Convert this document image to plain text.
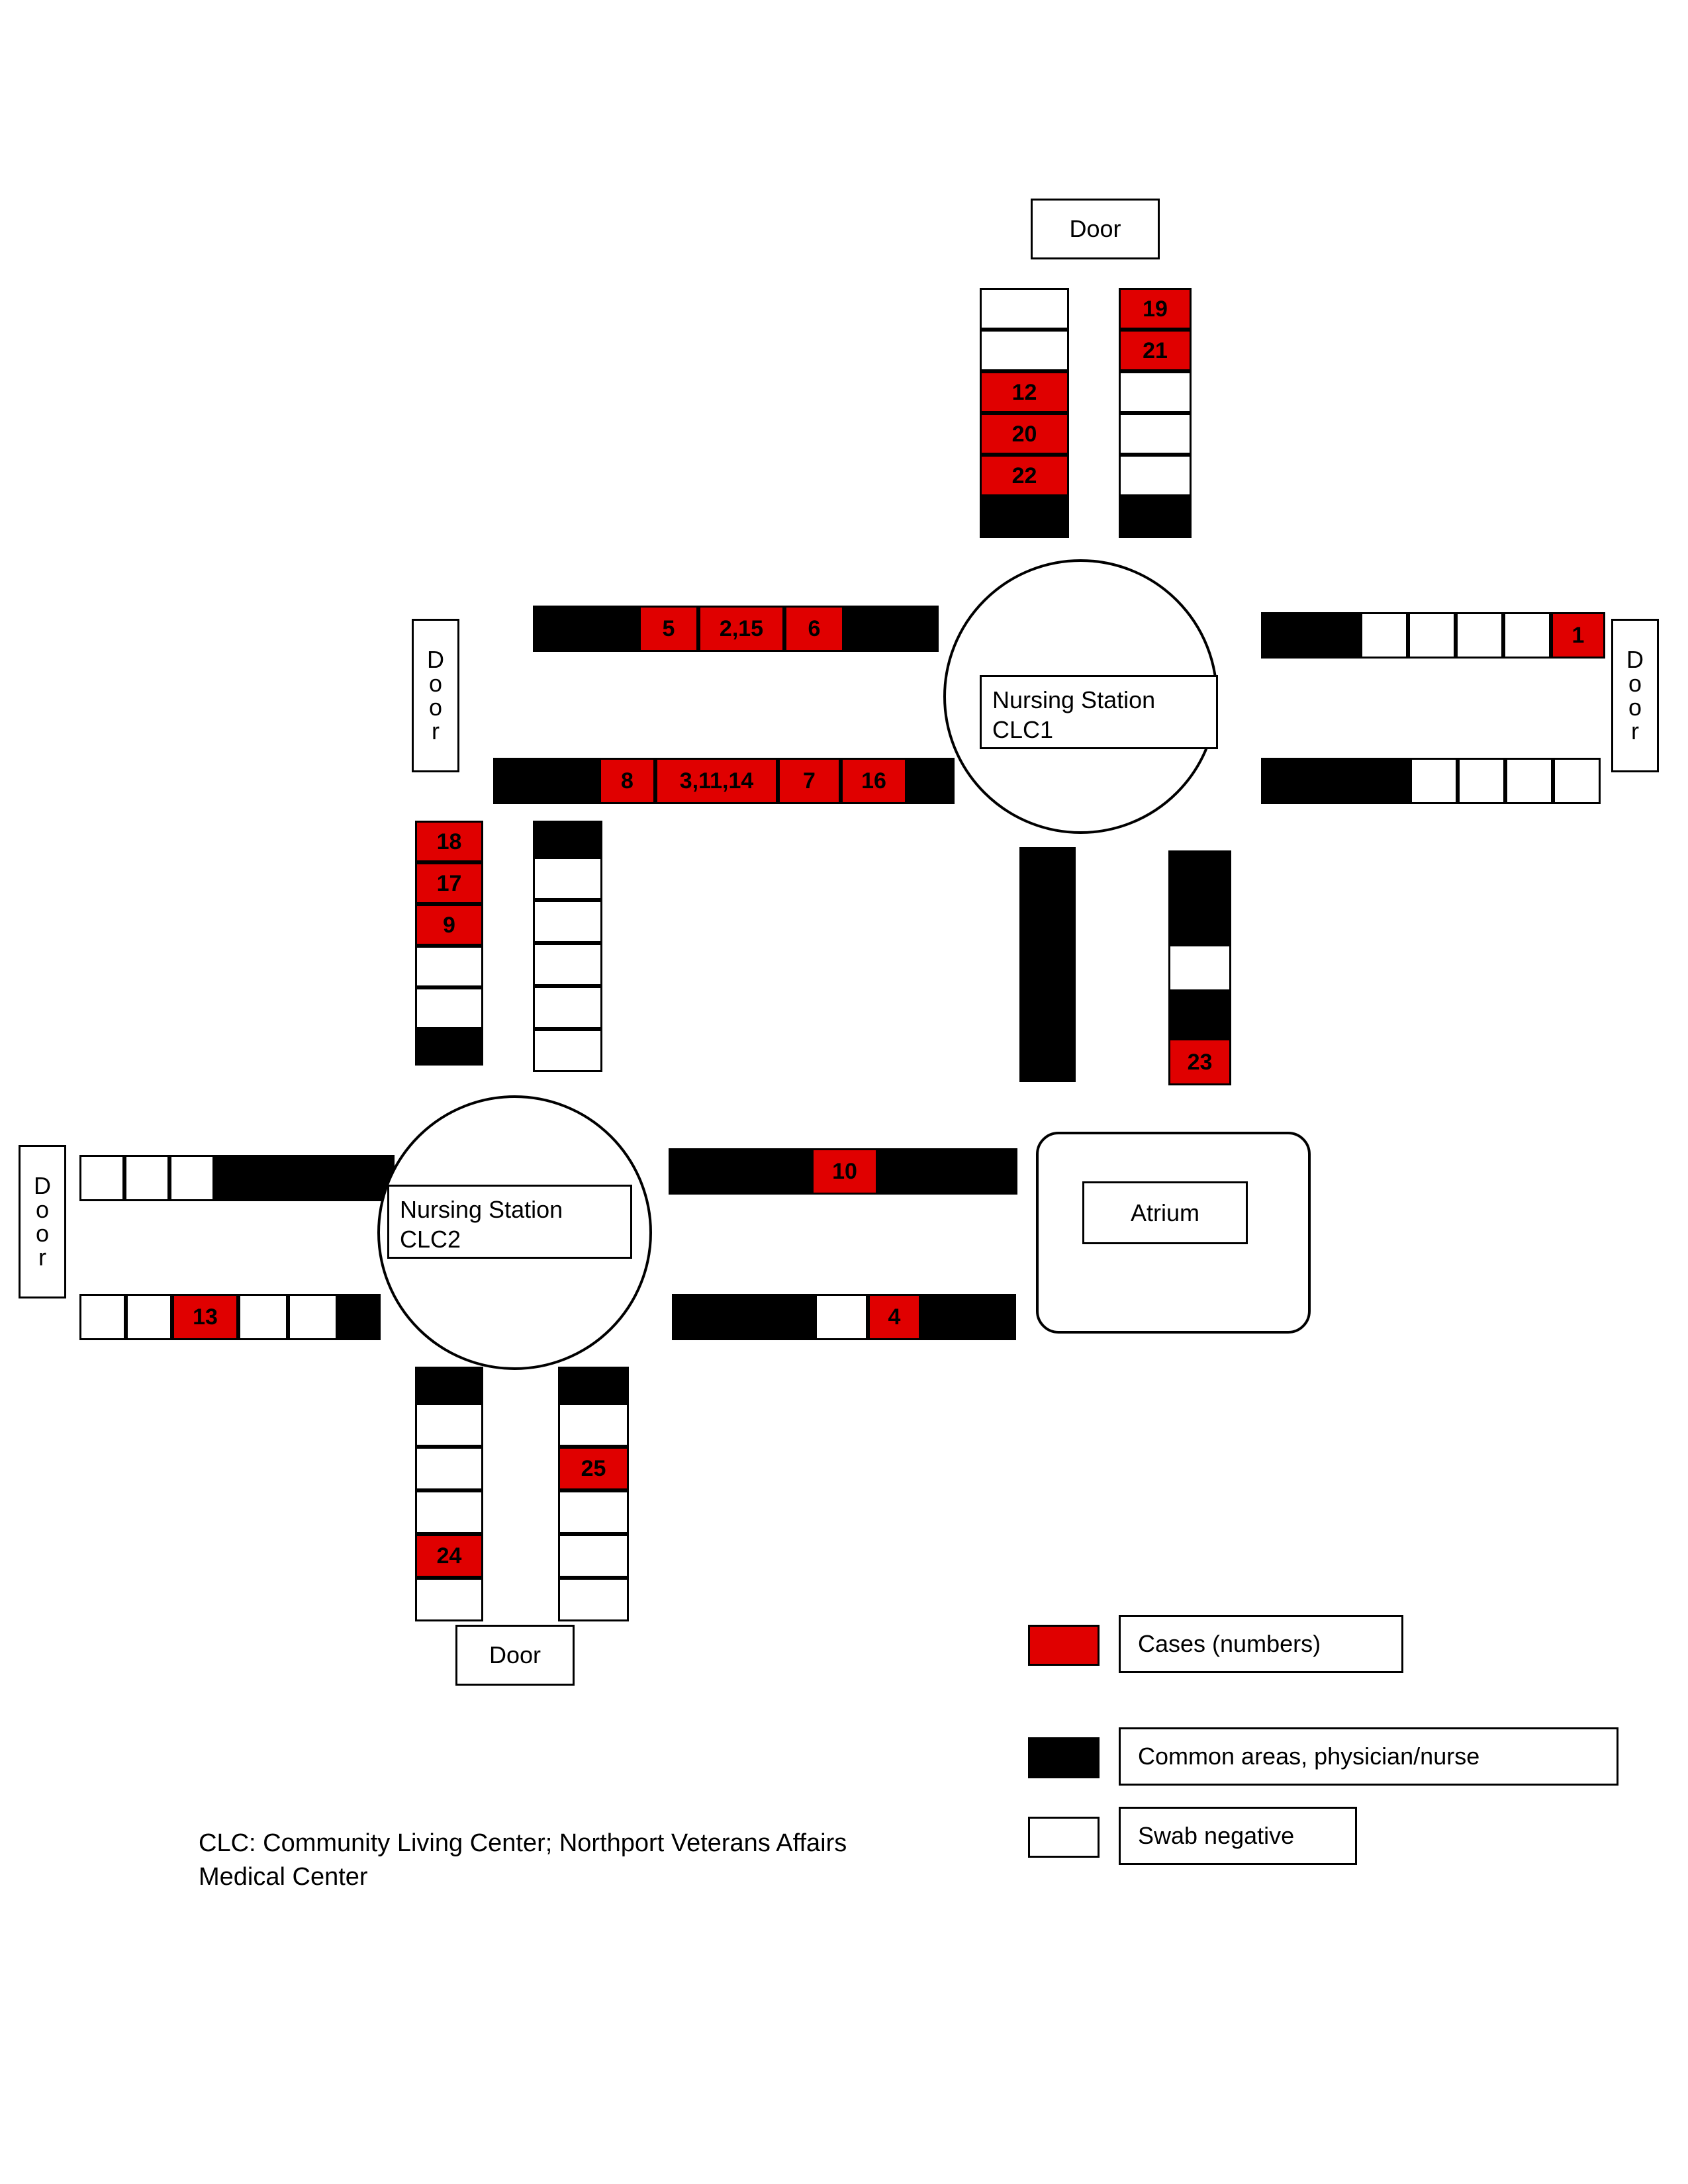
Door
D
o
o
r
D
o
o
r
D
o
o
r
Door
12
20
22
19
21
5 2,15 6
8 3,11,14 7 16
1
18
17
9
23
13
10
4
24
25
Nursing Station
CLC1
Nursing Station
CLC2
Atrium
Cases (numbers)
Common areas, physician/nurse
Swab negative
CLC: Community Living Center; Northport Veterans Affairs Medical Center
